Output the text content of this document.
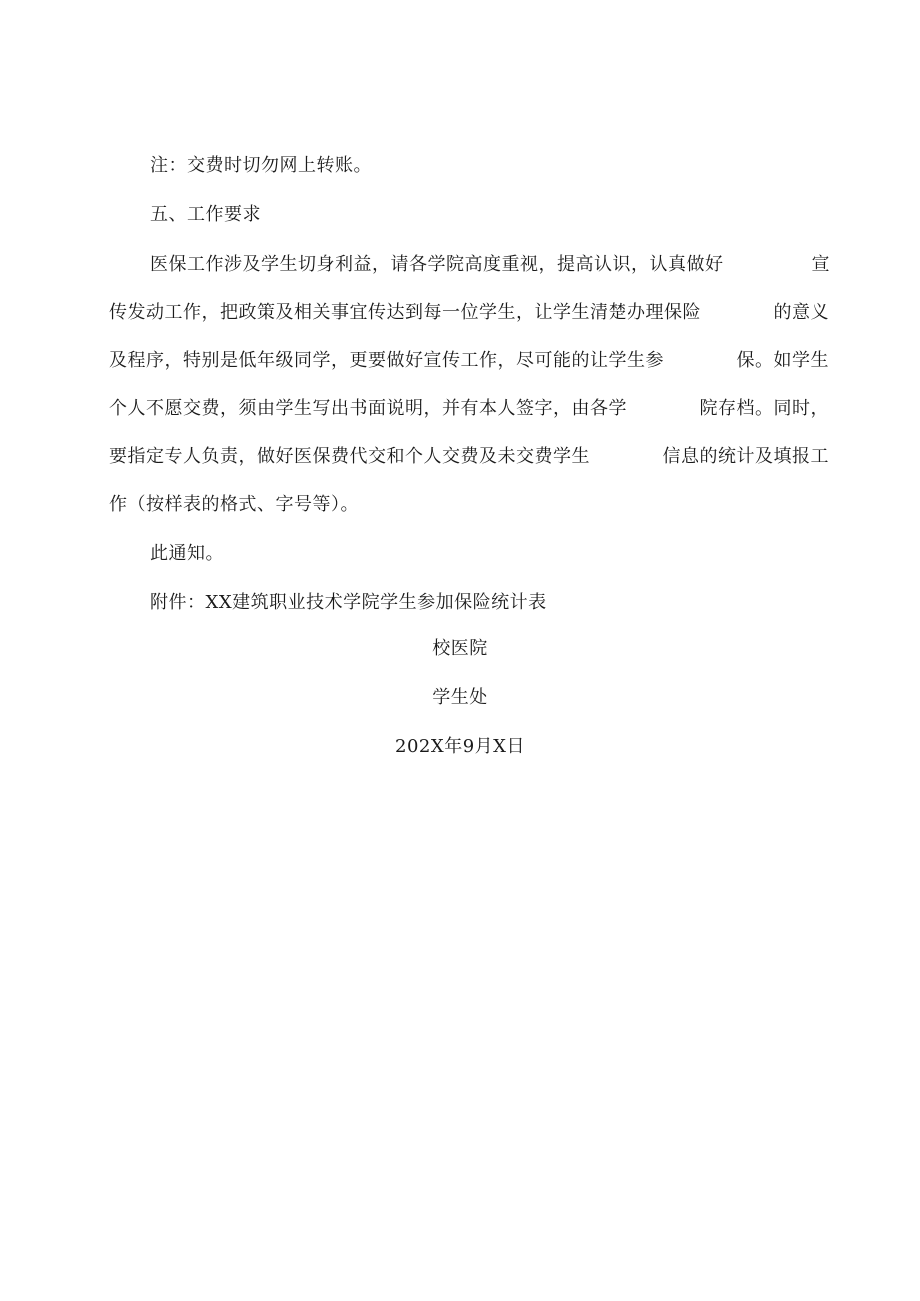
注：交费时切勿网上转账。
五、工作要求
医保工作涉及学生切身利益，请各学院高度重视，提高认识，认真做好	宣
传发动工作，把政策及相关事宜传达到每一位学生，让学生清楚办理保险	的意义
及程序，特别是低年级同学，更要做好宣传工作，尽可能的让学生参	保。如学生
个人不愿交费，须由学生写出书面说明，并有本人签字，由各学	院存档。同时，
要指定专人负责，做好医保费代交和个人交费及未交费学生	信息的统计及填报工
作（按样表的格式、字号等）。
此通知。
附件：XX建筑职业技术学院学生参加保险统计表
校医院
学生处
202X年9月X日
